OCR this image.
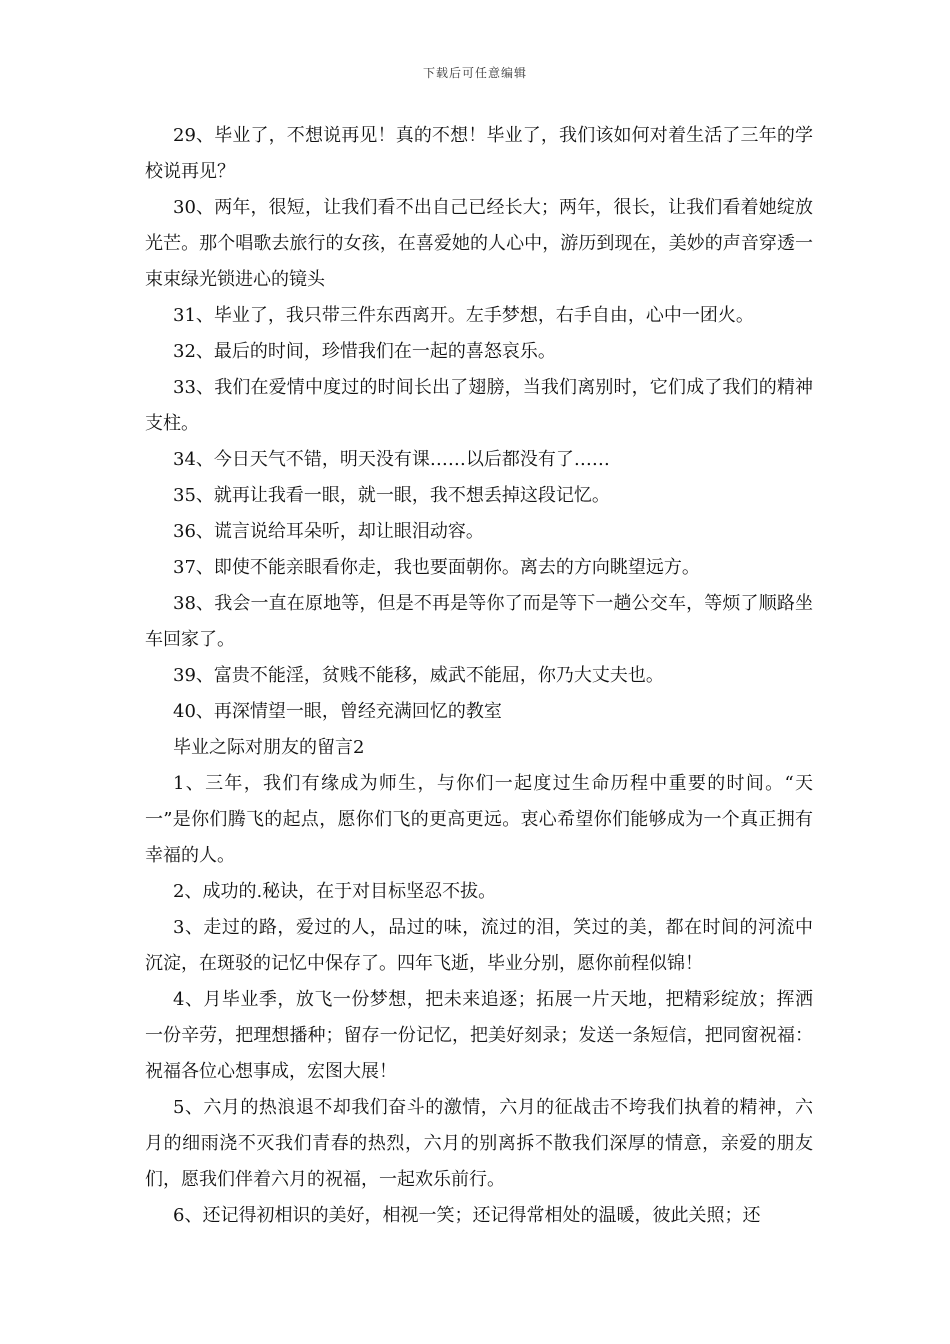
下载后可任意编辑

29、毕业了，不想说再见！真的不想！毕业了，我们该如何对着生活了三年的学校说再见？

30、两年，很短，让我们看不出自己已经长大；两年，很长，让我们看着她绽放光芒。那个唱歌去旅行的女孩，在喜爱她的人心中，游历到现在，美妙的声音穿透一束束绿光锁进心的镜头

31、毕业了，我只带三件东西离开。左手梦想，右手自由，心中一团火。

32、最后的时间，珍惜我们在一起的喜怒哀乐。

33、我们在爱情中度过的时间长出了翅膀，当我们离别时，它们成了我们的精神支柱。

34、今日天气不错，明天没有课……以后都没有了……

35、就再让我看一眼，就一眼，我不想丢掉这段记忆。

36、谎言说给耳朵听，却让眼泪动容。

37、即使不能亲眼看你走，我也要面朝你。离去的方向眺望远方。

38、我会一直在原地等，但是不再是等你了而是等下一趟公交车，等烦了顺路坐车回家了。

39、富贵不能淫，贫贱不能移，威武不能屈，你乃大丈夫也。

40、再深情望一眼，曾经充满回忆的教室

毕业之际对朋友的留言2

1、三年，我们有缘成为师生，与你们一起度过生命历程中重要的时间。“天一”是你们腾飞的起点，愿你们飞的更高更远。衷心希望你们能够成为一个真正拥有幸福的人。

2、成功的.秘诀，在于对目标坚忍不拔。

3、走过的路，爱过的人，品过的味，流过的泪，笑过的美，都在时间的河流中沉淀，在斑驳的记忆中保存了。四年飞逝，毕业分别，愿你前程似锦！

4、月毕业季，放飞一份梦想，把未来追逐；拓展一片天地，把精彩绽放；挥洒一份辛劳，把理想播种；留存一份记忆，把美好刻录；发送一条短信，把同窗祝福：祝福各位心想事成，宏图大展！

5、六月的热浪退不却我们奋斗的激情，六月的征战击不垮我们执着的精神，六月的细雨浇不灭我们青春的热烈，六月的别离拆不散我们深厚的情意，亲爱的朋友们，愿我们伴着六月的祝福，一起欢乐前行。

6、还记得初相识的美好，相视一笑；还记得常相处的温暖，彼此关照；还
